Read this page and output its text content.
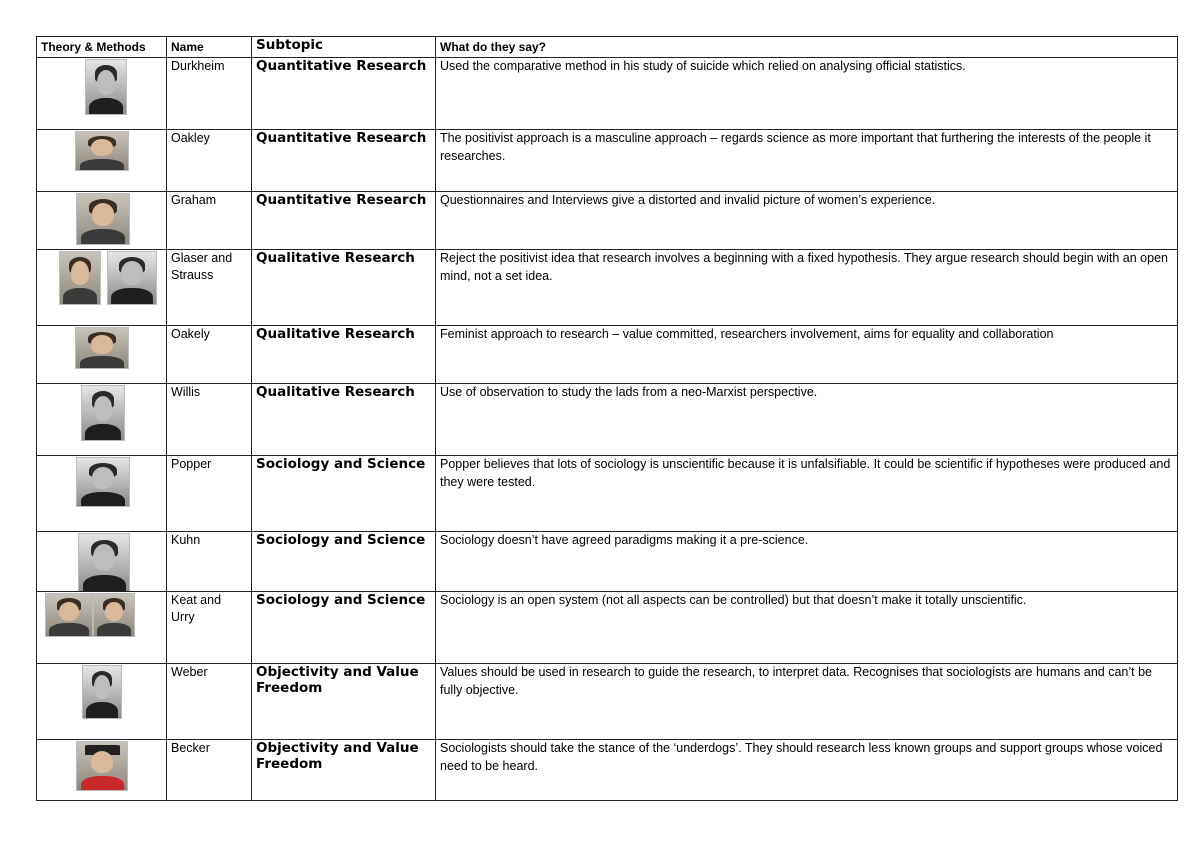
Theory & Methods	Name	Subtopic	What do they say?

	Durkheim	Quantitative Research	Used the comparative method in his study of suicide which relied on analysing official statistics.

	Oakley	Quantitative Research	The positivist approach is a masculine approach – regards science as more important that furthering the interests of the people it researches.

	Graham	Quantitative Research	Questionnaires and Interviews give a distorted and invalid picture of women’s experience.

	Glaser and Strauss	Qualitative Research	Reject the positivist idea that research involves a beginning with a fixed hypothesis. They argue research should begin with an open mind, not a set idea.

	Oakely	Qualitative Research	Feminist approach to research – value committed, researchers involvement, aims for equality and collaboration

	Willis	Qualitative Research	Use of observation to study the lads from a neo-Marxist perspective.

	Popper	Sociology and Science	Popper believes that lots of sociology is unscientific because it is unfalsifiable. It could be scientific if hypotheses were produced and they were tested.

	Kuhn	Sociology and Science	Sociology doesn’t have agreed paradigms making it a pre-science.

	Keat and Urry	Sociology and Science	Sociology is an open system (not all aspects can be controlled) but that doesn’t make it totally unscientific.

	Weber	Objectivity and Value Freedom	Values should be used in research to guide the research, to interpret data. Recognises that sociologists are humans and can’t be fully objective.

	Becker	Objectivity and Value Freedom	Sociologists should take the stance of the ‘underdogs’. They should research less known groups and support groups whose voiced need to be heard.
